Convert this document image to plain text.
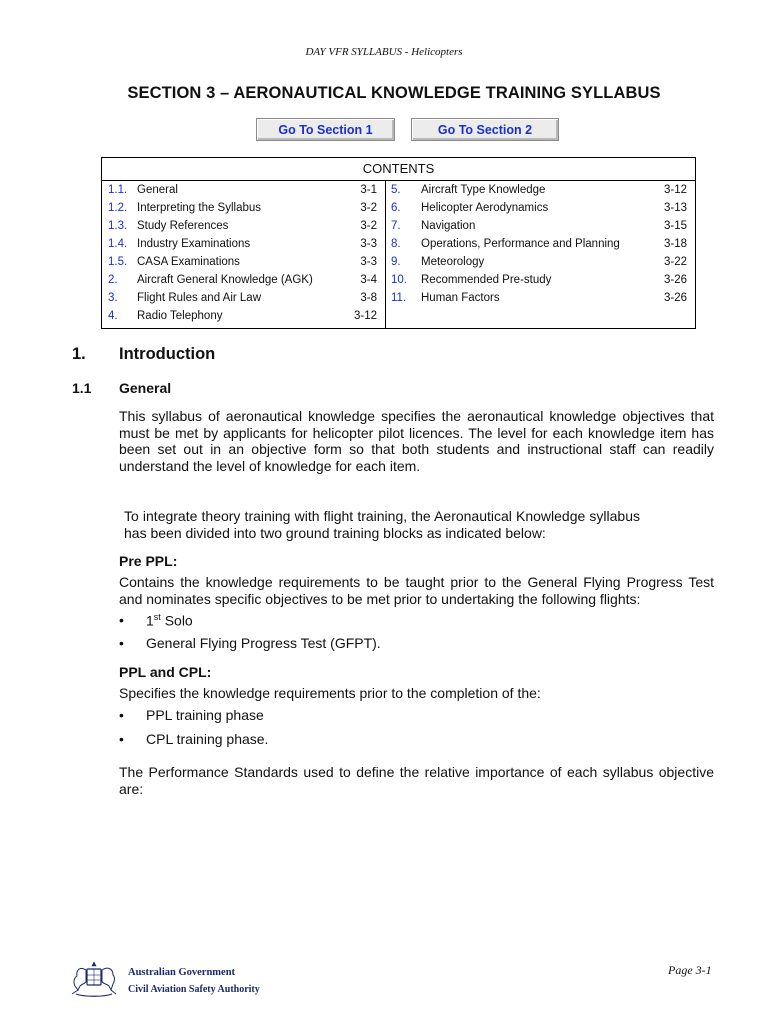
DAY VFR SYLLABUS - Helicopters
SECTION 3 – AERONAUTICAL KNOWLEDGE TRAINING SYLLABUS
Go To Section 1	Go To Section 2
CONTENTS
1.1. General	3-1
1.2. Interpreting the Syllabus	3-2
1.3. Study References	3-2
1.4. Industry Examinations	3-3
1.5. CASA Examinations	3-3
2. Aircraft General Knowledge (AGK)	3-4
3. Flight Rules and Air Law	3-8
4. Radio Telephony	3-12
5. Aircraft Type Knowledge	3-12
6. Helicopter Aerodynamics	3-13
7. Navigation	3-15
8. Operations, Performance and Planning	3-18
9. Meteorology	3-22
10. Recommended Pre-study	3-26
11. Human Factors	3-26
1. Introduction
1.1 General
This syllabus of aeronautical knowledge specifies the aeronautical knowledge objectives that must be met by applicants for helicopter pilot licences. The level for each knowledge item has been set out in an objective form so that both students and instructional staff can readily understand the level of knowledge for each item.
To integrate theory training with flight training, the Aeronautical Knowledge syllabus has been divided into two ground training blocks as indicated below:
Pre PPL:
Contains the knowledge requirements to be taught prior to the General Flying Progress Test and nominates specific objectives to be met prior to undertaking the following flights:
• 1st Solo
• General Flying Progress Test (GFPT).
PPL and CPL:
Specifies the knowledge requirements prior to the completion of the:
• PPL training phase
• CPL training phase.
The Performance Standards used to define the relative importance of each syllabus objective are:
Australian Government
Civil Aviation Safety Authority
Page 3-1
